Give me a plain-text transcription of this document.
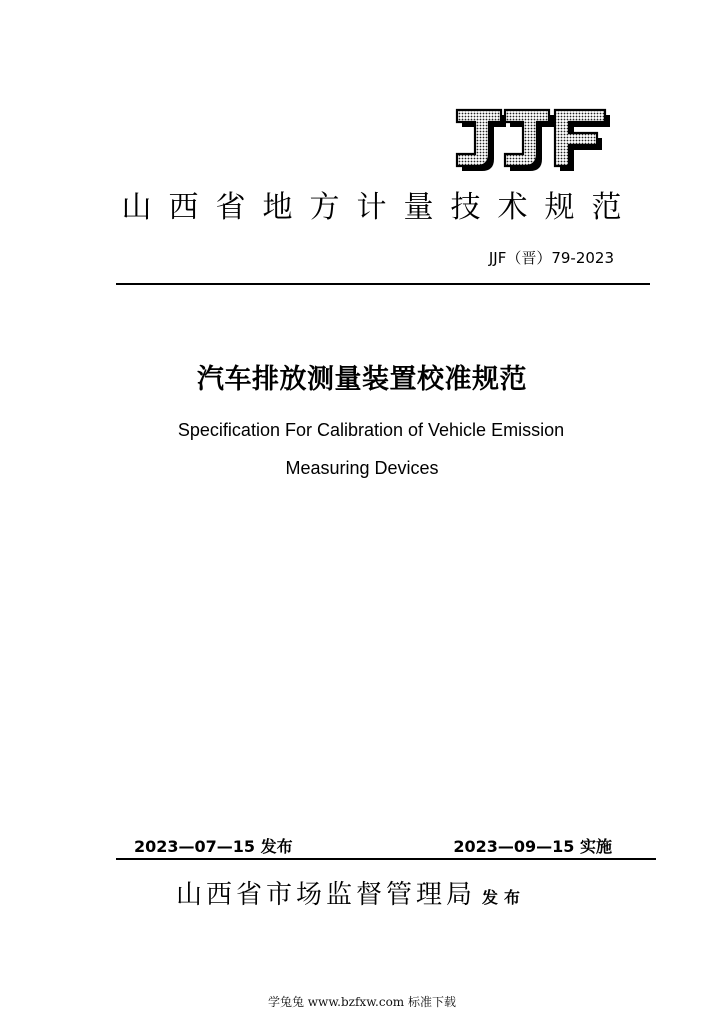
山西省地方计量技术规范
JJF（晋）79-2023
汽车排放测量装置校准规范
Specification For Calibration of Vehicle Emission
Measuring Devices
2023—07—15 发布	2023—09—15 实施
山西省市场监督管理局 发布
学兔兔 www.bzfxw.com 标准下载
